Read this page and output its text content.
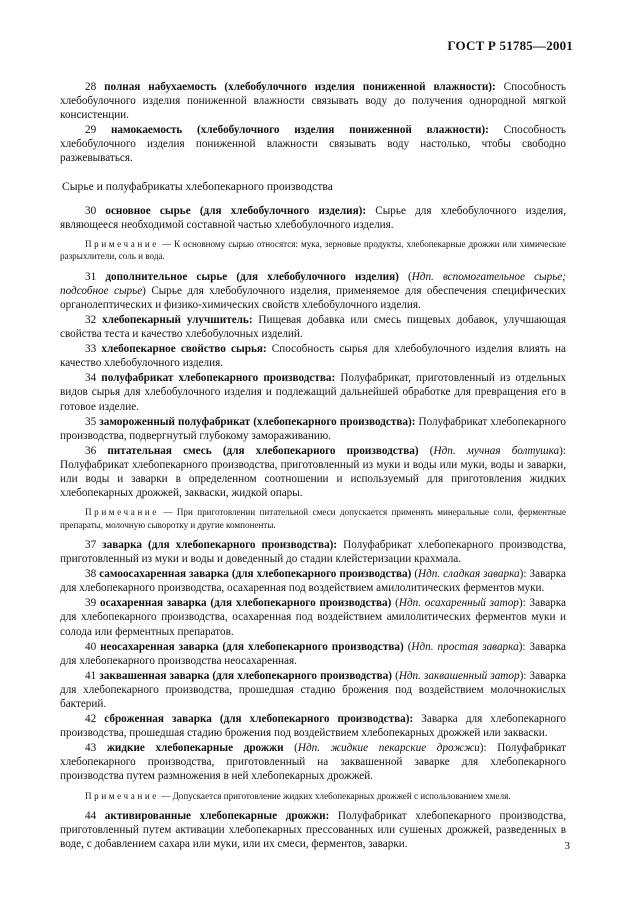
ГОСТ Р 51785—2001

28 полная набухаемость (хлебобулочного изделия пониженной влажности): Способность хлебобулочного изделия пониженной влажности связывать воду до получения однородной мягкой консистенции.

29 намокаемость (хлебобулочного изделия пониженной влажности): Способность хлебобулочного изделия пониженной влажности связывать воду настолько, чтобы свободно разжевываться.

Сырье и полуфабрикаты хлебопекарного производства

30 основное сырье (для хлебобулочного изделия): Сырье для хлебобулочного изделия, являющееся необходимой составной частью хлебобулочного изделия.

Примечание — К основному сырью относятся: мука, зерновые продукты, хлебопекарные дрожжи или химические разрыхлители, соль и вода.

31 дополнительное сырье (для хлебобулочного изделия) (Ндп. вспомогательное сырье; подсобное сырье) Сырье для хлебобулочного изделия, применяемое для обеспечения специфических органолептических и физико-химических свойств хлебобулочного изделия.

32 хлебопекарный улучшитель: Пищевая добавка или смесь пищевых добавок, улучшающая свойства теста и качество хлебобулочных изделий.

33 хлебопекарное свойство сырья: Способность сырья для хлебобулочного изделия влиять на качество хлебобулочного изделия.

34 полуфабрикат хлебопекарного производства: Полуфабрикат, приготовленный из отдельных видов сырья для хлебобулочного изделия и подлежащий дальнейшей обработке для превращения его в готовое изделие.

35 замороженный полуфабрикат (хлебопекарного производства): Полуфабрикат хлебопекарного производства, подвергнутый глубокому замораживанию.

36 питательная смесь (для хлебопекарного производства) (Ндп. мучная болтушка): Полуфабрикат хлебопекарного производства, приготовленный из муки и воды или муки, воды и заварки, или воды и заварки в определенном соотношении и используемый для приготовления жидких хлебопекарных дрожжей, закваски, жидкой опары.

Примечание — При приготовлении питательной смеси допускается применять минеральные соли, ферментные препараты, молочную сыворотку и другие компоненты.

37 заварка (для хлебопекарного производства): Полуфабрикат хлебопекарного производства, приготовленный из муки и воды и доведенный до стадии клейстеризации крахмала.

38 самоосахаренная заварка (для хлебопекарного производства) (Ндп. сладкая заварка): Заварка для хлебопекарного производства, осахаренная под воздействием амилолитических ферментов муки.

39 осахаренная заварка (для хлебопекарного производства) (Ндп. осахаренный затор): Заварка для хлебопекарного производства, осахаренная под воздействием амилолитических ферментов муки и солода или ферментных препаратов.

40 неосахаренная заварка (для хлебопекарного производства) (Ндп. простая заварка): Заварка для хлебопекарного производства неосахаренная.

41 заквашенная заварка (для хлебопекарного производства) (Ндп. заквашенный затор): Заварка для хлебопекарного производства, прошедшая стадию брожения под воздействием молочнокислых бактерий.

42 сброженная заварка (для хлебопекарного производства): Заварка для хлебопекарного производства, прошедшая стадию брожения под воздействием хлебопекарных дрожжей или закваски.

43 жидкие хлебопекарные дрожжи (Ндп. жидкие пекарские дрожжи): Полуфабрикат хлебопекарного производства, приготовленный на заквашенной заварке для хлебопекарного производства путем размножения в ней хлебопекарных дрожжей.

Примечание — Допускается приготовление жидких хлебопекарных дрожжей с использованием хмеля.

44 активированные хлебопекарные дрожжи: Полуфабрикат хлебопекарного производства, приготовленный путем активации хлебопекарных прессованных или сушеных дрожжей, разведенных в воде, с добавлением сахара или муки, или их смеси, ферментов, заварки.	3
